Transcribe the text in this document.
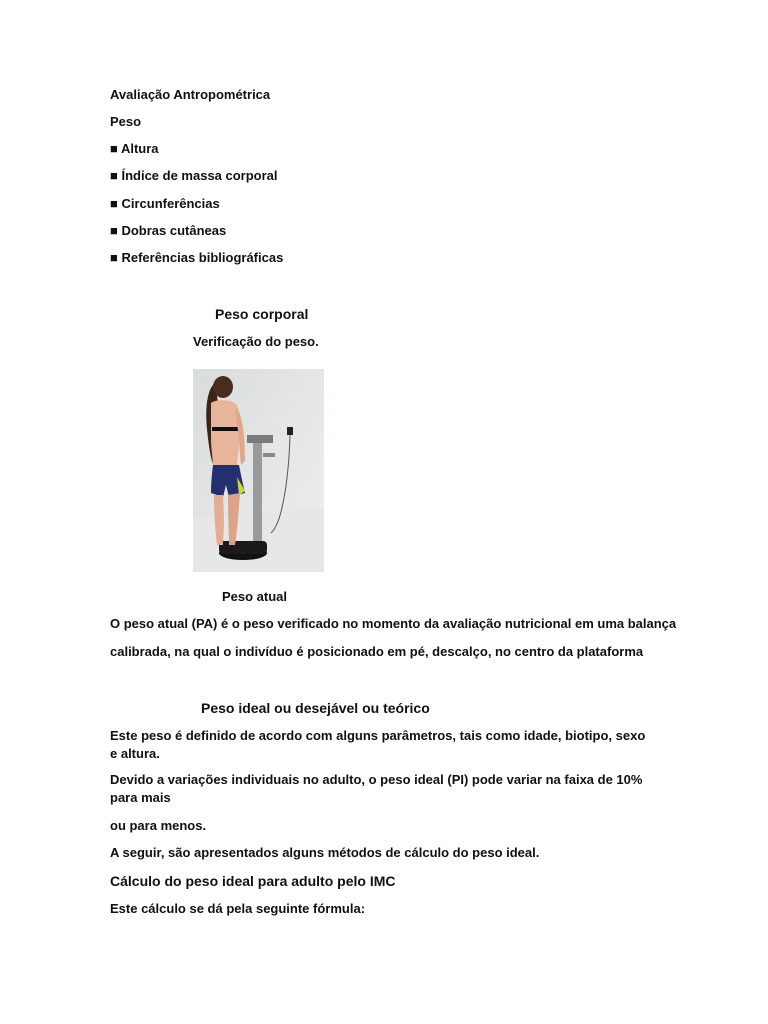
Avaliação Antropométrica
Peso
■ Altura
■ Índice de massa corporal
■ Circunferências
■ Dobras cutâneas
■ Referências bibliográficas
Peso corporal
Verificação do peso.
Peso atual
O peso atual (PA) é o peso verificado no momento da avaliação nutricional em uma balança
calibrada, na qual o indivíduo é posicionado em pé, descalço, no centro da plataforma
Peso ideal ou desejável ou teórico
Este peso é definido de acordo com alguns parâmetros, tais como idade, biotipo, sexo e altura.
Devido a variações individuais no adulto, o peso ideal (PI) pode variar na faixa de 10% para mais
ou para menos.
A seguir, são apresentados alguns métodos de cálculo do peso ideal.
Cálculo do peso ideal para adulto pelo IMC
Este cálculo se dá pela seguinte fórmula:
